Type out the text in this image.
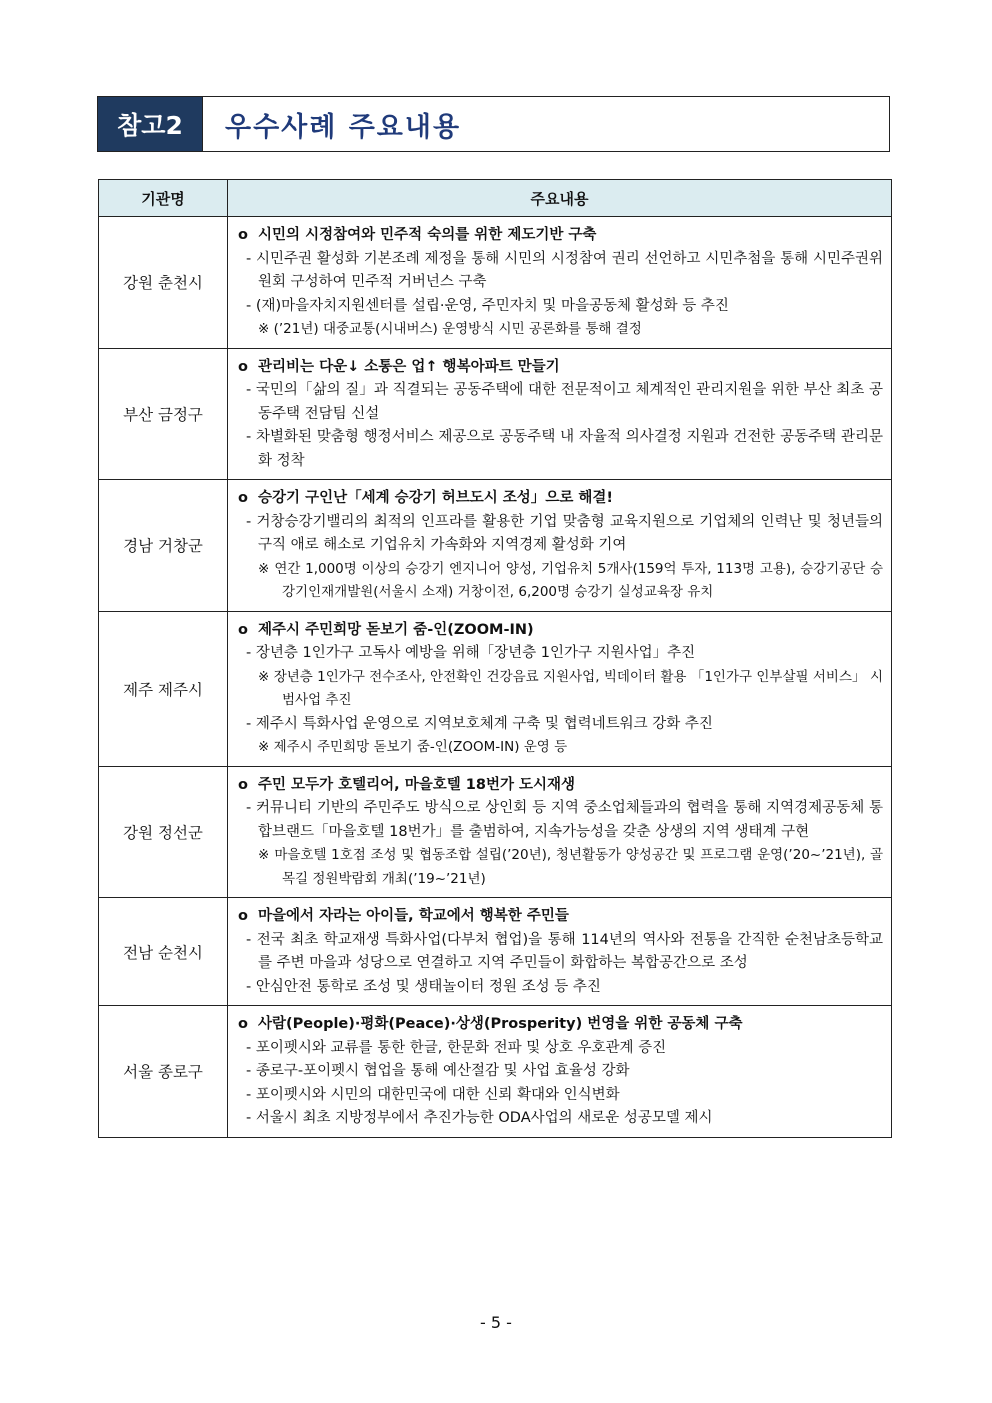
참고2	우수사례 주요내용
기관명	주요내용
강원 춘천시	o 시민의 시정참여와 민주적 숙의를 위한 제도기반 구축
- 시민주권 활성화 기본조례 제정을 통해 시민의 시정참여 권리 선언하고 시민추첨을 통해 시민주권위원회 구성하여 민주적 거버넌스 구축
- (재)마을자치지원센터를 설립·운영, 주민자치 및 마을공동체 활성화 등 추진
※ (’21년) 대중교통(시내버스) 운영방식 시민 공론화를 통해 결정

부산 금정구	o 관리비는 다운↓ 소통은 업↑ 행복아파트 만들기
- 국민의「삶의 질」과 직결되는 공동주택에 대한 전문적이고 체계적인 관리지원을 위한 부산 최초 공동주택 전담팀 신설
- 차별화된 맞춤형 행정서비스 제공으로 공동주택 내 자율적 의사결정 지원과 건전한 공동주택 관리문화 정착

경남 거창군	o 승강기 구인난「세계 승강기 허브도시 조성」으로 해결!
- 거창승강기밸리의 최적의 인프라를 활용한 기업 맞춤형 교육지원으로 기업체의 인력난 및 청년들의 구직 애로 해소로 기업유치 가속화와 지역경제 활성화 기여
※ 연간 1,000명 이상의 승강기 엔지니어 양성, 기업유치 5개사(159억 투자, 113명 고용), 승강기공단 승강기인재개발원(서울시 소재) 거창이전, 6,200명 승강기 실성교육장 유치

제주 제주시	o 제주시 주민희망 돋보기 줌-인(ZOOM-IN)
- 장년층 1인가구 고독사 예방을 위해「장년층 1인가구 지원사업」추진
※ 장년층 1인가구 전수조사, 안전확인 건강음료 지원사업, 빅데이터 활용 「1인가구 인부살필 서비스」 시범사업 추진
- 제주시 특화사업 운영으로 지역보호체계 구축 및 협력네트워크 강화 추진
※ 제주시 주민희망 돋보기 줌-인(ZOOM-IN) 운영 등

강원 정선군	o 주민 모두가 호텔리어, 마을호텔 18번가 도시재생
- 커뮤니티 기반의 주민주도 방식으로 상인회 등 지역 중소업체들과의 협력을 통해 지역경제공동체 통합브랜드「마을호텔 18번가」를 출범하여, 지속가능성을 갖춘 상생의 지역 생태계 구현
※ 마을호텔 1호점 조성 및 협동조합 설립(’20년), 청년활동가 양성공간 및 프로그램 운영(’20~’21년), 골목길 정원박람회 개최(’19~’21년)

전남 순천시	o 마을에서 자라는 아이들, 학교에서 행복한 주민들
- 전국 최초 학교재생 특화사업(다부처 협업)을 통해 114년의 역사와 전통을 간직한 순천남초등학교를 주변 마을과 성당으로 연결하고 지역 주민들이 화합하는 복합공간으로 조성
- 안심안전 통학로 조성 및 생태놀이터 정원 조성 등 추진

서울 종로구	o 사람(People)·평화(Peace)·상생(Prosperity) 번영을 위한 공동체 구축
- 포이펫시와 교류를 통한 한글, 한문화 전파 및 상호 우호관계 증진
- 종로구-포이펫시 협업을 통해 예산절감 및 사업 효율성 강화
- 포이펫시와 시민의 대한민국에 대한 신뢰 확대와 인식변화
- 서울시 최초 지방정부에서 추진가능한 ODA사업의 새로운 성공모델 제시
- 5 -
